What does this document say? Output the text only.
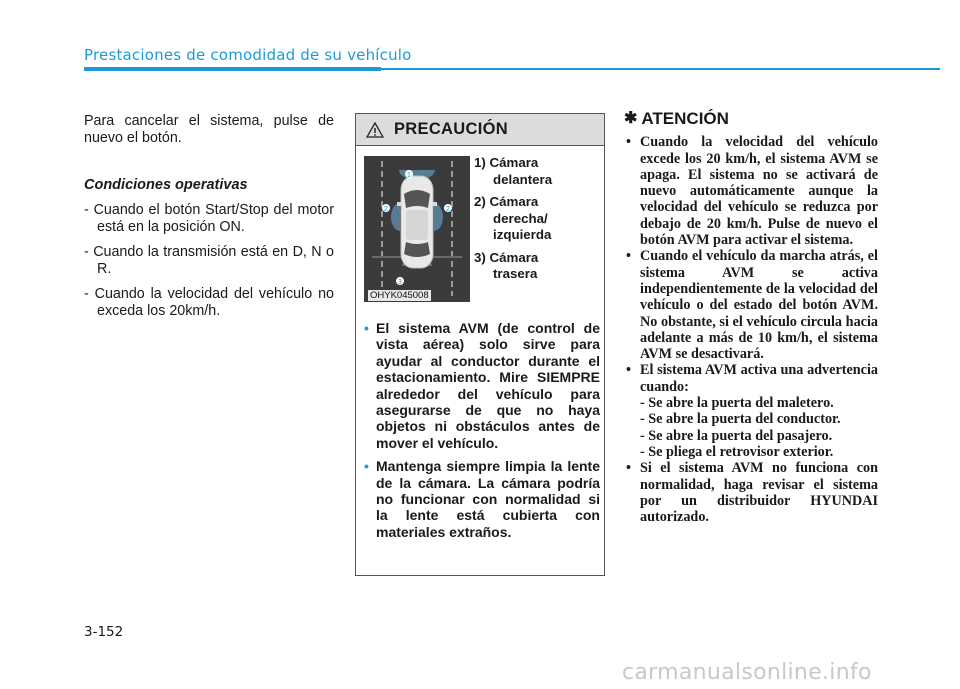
Prestaciones de comodidad de su vehículo

Para cancelar el sistema, pulse de nuevo el botón.

Condiciones operativas
- Cuando el botón Start/Stop del motor está en la posición ON.
- Cuando la transmisión está en D, N o R.
- Cuando la velocidad del vehículo no exceda los 20km/h.
PRECAUCIÓN
1
2	2
3
OHYK045008
1) Cámara
delantera
2) Cámara
derecha/
izquierda
3) Cámara
trasera
• El sistema AVM (de control de vista aérea) solo sirve para ayudar al conductor durante el estacionamiento. Mire SIEMPRE alrededor del vehículo para asegurarse de que no haya objetos ni obstáculos antes de mover el vehículo.
• Mantenga siempre limpia la lente de la cámara. La cámara podría no funcionar con normalidad si la lente está cubierta con materiales extraños.
✱ ATENCIÓN
• Cuando la velocidad del vehículo excede los 20 km/h, el sistema AVM se apaga. El sistema no se activará de nuevo automáticamente aunque la velocidad del vehículo se reduzca por debajo de 20 km/h. Pulse de nuevo el botón AVM para activar el sistema.
• Cuando el vehículo da marcha atrás, el sistema AVM se activa independientemente de la velocidad del vehículo o del estado del botón AVM. No obstante, si el vehículo circula hacia adelante a más de 10 km/h, el sistema AVM se desactivará.
• El sistema AVM activa una advertencia cuando:
- Se abre la puerta del maletero.
- Se abre la puerta del conductor.
- Se abre la puerta del pasajero.
- Se pliega el retrovisor exterior.
• Si el sistema AVM no funciona con normalidad, haga revisar el sistema por un distribuidor HYUNDAI autorizado.
3-152
carmanualsonline.info
